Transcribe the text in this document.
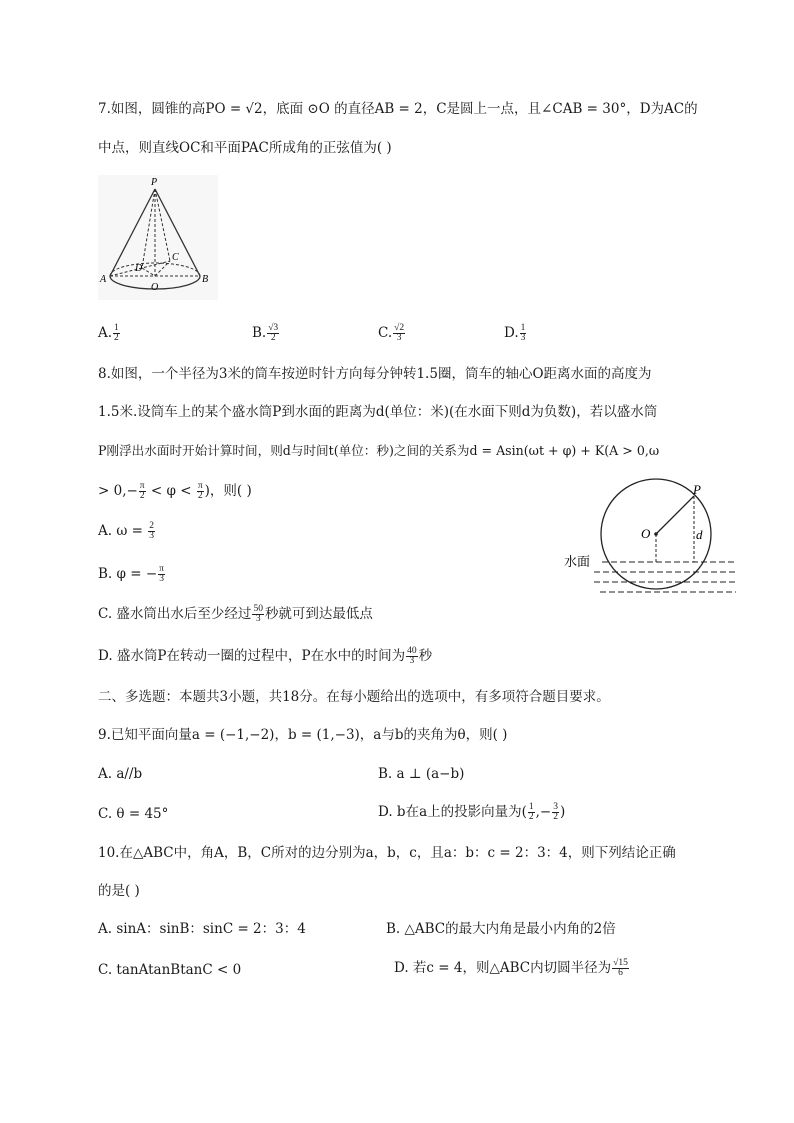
7.如图，圆锥的高PO = √2，底面 ⊙O 的直径AB = 2，C是圆上一点，且∠CAB = 30°，D为AC的
中点，则直线OC和平面PAC所成角的正弦值为( )
P
A	B
C
D
O
A. $\frac{1}{2}$	B. $\frac{√3}{2}$	C. $\frac{√2}{3}$	D. $\frac{1}{3}$
8.如图，一个半径为3米的筒车按逆时针方向每分钟转1.5圈，筒车的轴心O距离水面的高度为
1.5米.设筒车上的某个盛水筒P到水面的距离为d(单位：米)(在水面下则d为负数)，若以盛水筒
P刚浮出水面时开始计算时间，则d与时间t(单位：秒)之间的关系为d = Asin(ωt + φ) + K(A > 0,ω
> $0,- \frac{\pi}{2} < \varphi < \frac{\pi}{2}$ )，则( )
A. $\omega = \frac{2}{3}$
B. φ = − $\frac{\pi}{3}$
C. 盛水筒出水后至少经过 $\frac{50}{3}$ 秒就可到达最低点
D. 盛水筒P在转动一圈的过程中，P在水中的时间为 $\frac{40}{3}$ 秒
P
O	d
水面
二、多选题：本题共3小题，共18分。在每小题给出的选项中，有多项符合题目要求。
9.已知平面向量a = (−1,−2)，b = (1,−3)，a与b的夹角为θ，则( )
A. a//b	B. a ⊥ (a−b)
C. θ = 45°	D. b在a上的投影向量为( $\frac{1}{2}$ ,− $\frac{3}{2}$ )
10.在△ABC中，角A，B，C所对的边分别为a，b，c，且a：b：c = 2：3：4，则下列结论正确
的是( )
A. sinA：sinB：sinC = 2：3：4	B. △ABC的最大内角是最小内角的2倍
C. tanAtanBtanC < 0	D. 若c = 4，则△ABC内切圆半径为 $\frac{√15}{6}$
